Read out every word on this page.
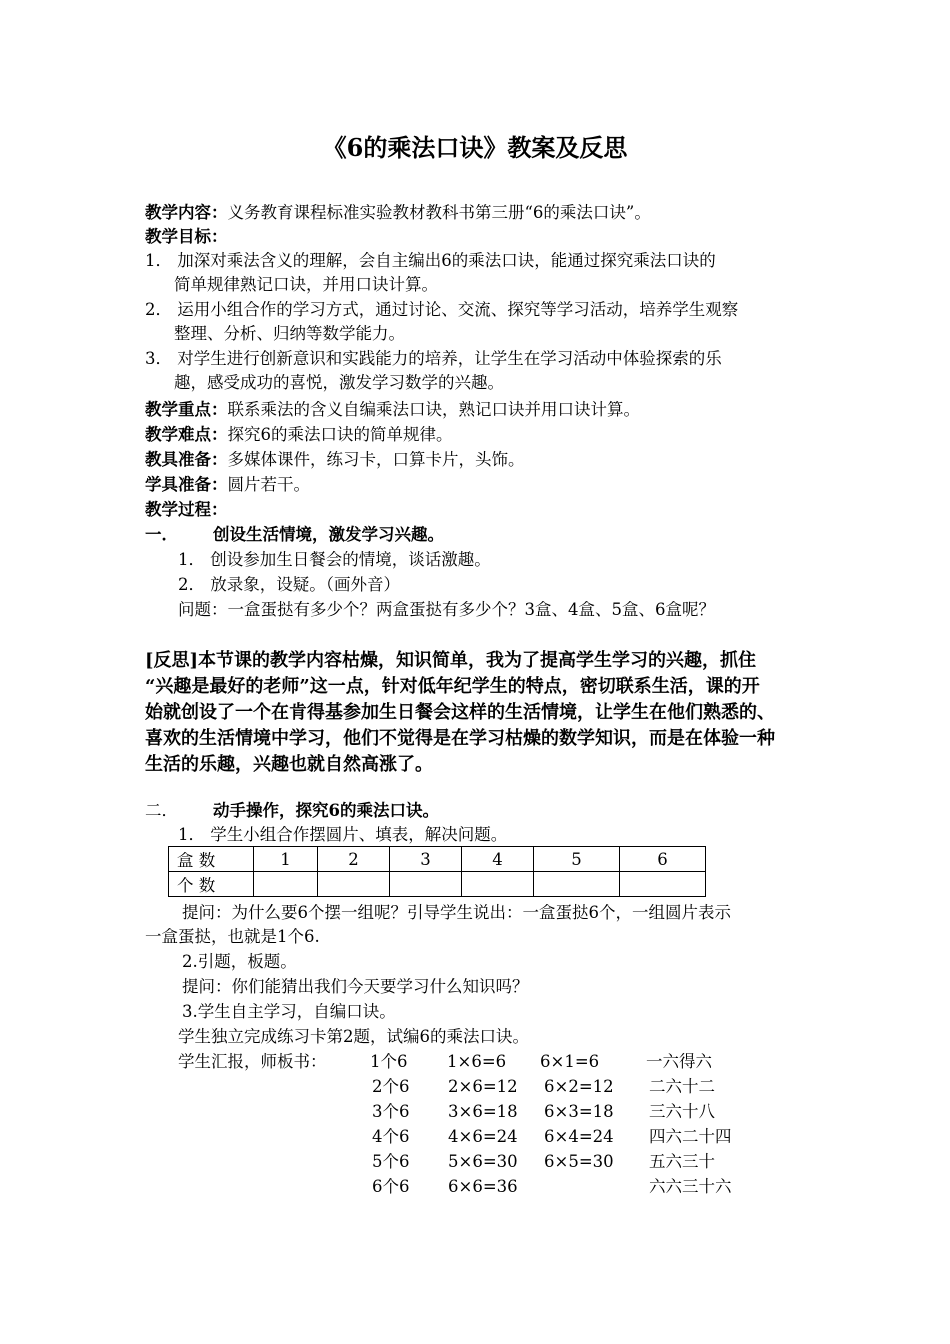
《6的乘法口诀》教案及反思
教学内容：义务教育课程标准实验教材教科书第三册“6的乘法口诀”。
教学目标：
1． 加深对乘法含义的理解，会自主编出6的乘法口诀，能通过探究乘法口诀的
简单规律熟记口诀，并用口诀计算。
2． 运用小组合作的学习方式，通过讨论、交流、探究等学习活动，培养学生观察
整理、分析、归纳等数学能力。
3． 对学生进行创新意识和实践能力的培养，让学生在学习活动中体验探索的乐
趣，感受成功的喜悦，激发学习数学的兴趣。
教学重点：联系乘法的含义自编乘法口诀，熟记口诀并用口诀计算。
教学难点：探究6的乘法口诀的简单规律。
教具准备：多媒体课件，练习卡，口算卡片，头饰。
学具准备：圆片若干。
教学过程：
一． 创设生活情境，激发学习兴趣。
1． 创设参加生日餐会的情境，谈话激趣。
2． 放录象，设疑。（画外音）
问题：一盒蛋挞有多少个？两盒蛋挞有多少个？3盒、4盒、5盒、6盒呢？
[反思]本节课的教学内容枯燥，知识简单，我为了提高学生学习的兴趣，抓住
“兴趣是最好的老师”这一点，针对低年纪学生的特点，密切联系生活，课的开
始就创设了一个在肯得基参加生日餐会这样的生活情境，让学生在他们熟悉的、
喜欢的生活情境中学习，他们不觉得是在学习枯燥的数学知识，而是在体验一种
生活的乐趣，兴趣也就自然高涨了。
二． 动手操作，探究6的乘法口诀。
1． 学生小组合作摆圆片、填表，解决问题。
盒 数	1	2	3	4	5	6
个 数						
提问：为什么要6个摆一组呢？引导学生说出：一盒蛋挞6个，一组圆片表示
一盒蛋挞，也就是1个6.
2.引题，板题。
提问：你们能猜出我们今天要学习什么知识吗？
3.学生自主学习，自编口诀。
学生独立完成练习卡第2题，试编6的乘法口诀。
学生汇报，师板书：	1个6 1×6=6 6×1=6	一六得六
2个6 2×6=12 6×2=12 二六十二
3个6 3×6=18 6×3=18 三六十八
4个6 4×6=24 6×4=24 四六二十四
5个6 5×6=30 6×5=30 五六三十
6个6 6×6=36	六六三十六
